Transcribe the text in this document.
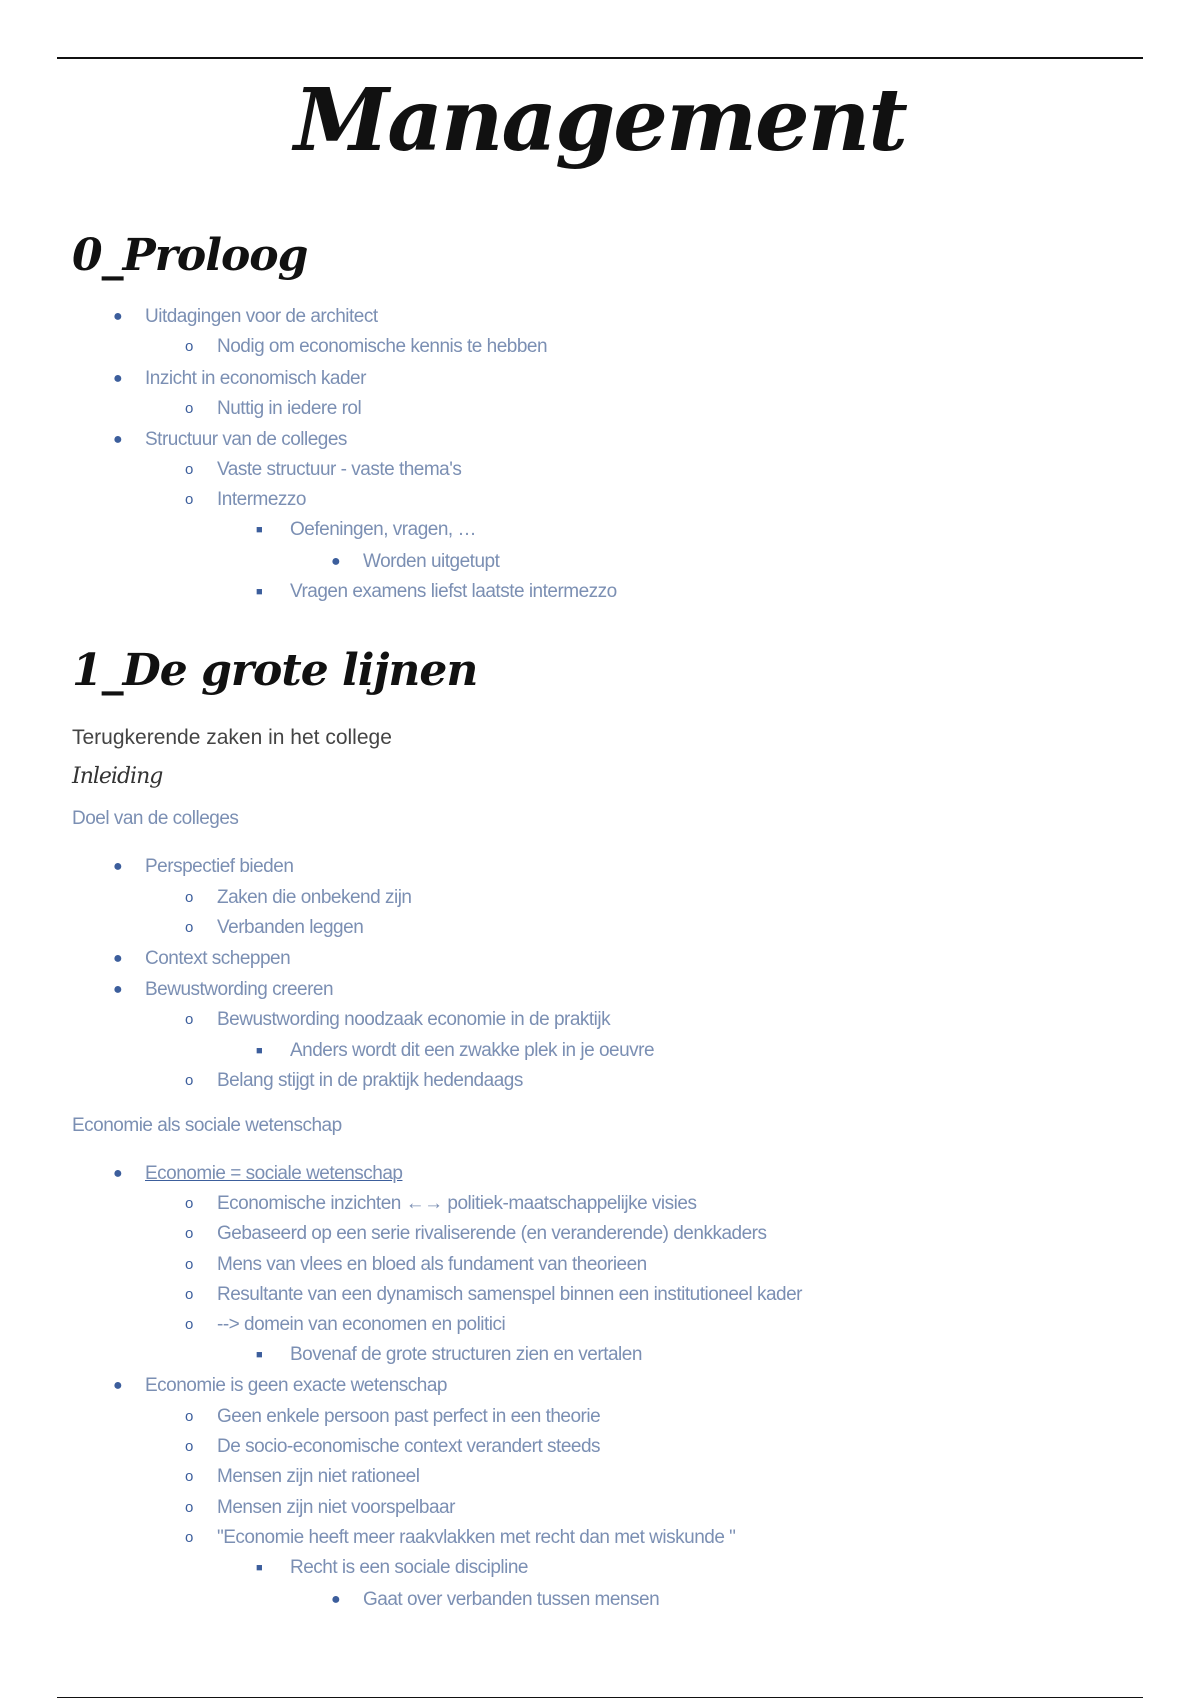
Management
0_Proloog

● Uitdagingen voor de architect

o Nodig om economische kennis te hebben

● Inzicht in economisch kader

o Nuttig in iedere rol

● Structuur van de colleges

o Vaste structuur - vaste thema's

o Intermezzo

■ Oefeningen, vragen, …

● Worden uitgetupt

■ Vragen examens liefst laatste intermezzo

1_De grote lijnen

Terugkerende zaken in het college

Inleiding

Doel van de colleges

● Perspectief bieden

o Zaken die onbekend zijn

o Verbanden leggen

● Context scheppen

● Bewustwording creeren

o Bewustwording noodzaak economie in de praktijk

■ Anders wordt dit een zwakke plek in je oeuvre

o Belang stijgt in de praktijk hedendaags

Economie als sociale wetenschap

● Economie = sociale wetenschap

o Economische inzichten ←→ politiek-maatschappelijke visies

o Gebaseerd op een serie rivaliserende (en veranderende) denkkaders

o Mens van vlees en bloed als fundament van theorieen

o Resultante van een dynamisch samenspel binnen een institutioneel kader

o --> domein van economen en politici

■ Bovenaf de grote structuren zien en vertalen

● Economie is geen exacte wetenschap

o Geen enkele persoon past perfect in een theorie

o De socio-economische context verandert steeds

o Mensen zijn niet rationeel

o Mensen zijn niet voorspelbaar

o "Economie heeft meer raakvlakken met recht dan met wiskunde "

■ Recht is een sociale discipline

● Gaat over verbanden tussen mensen
